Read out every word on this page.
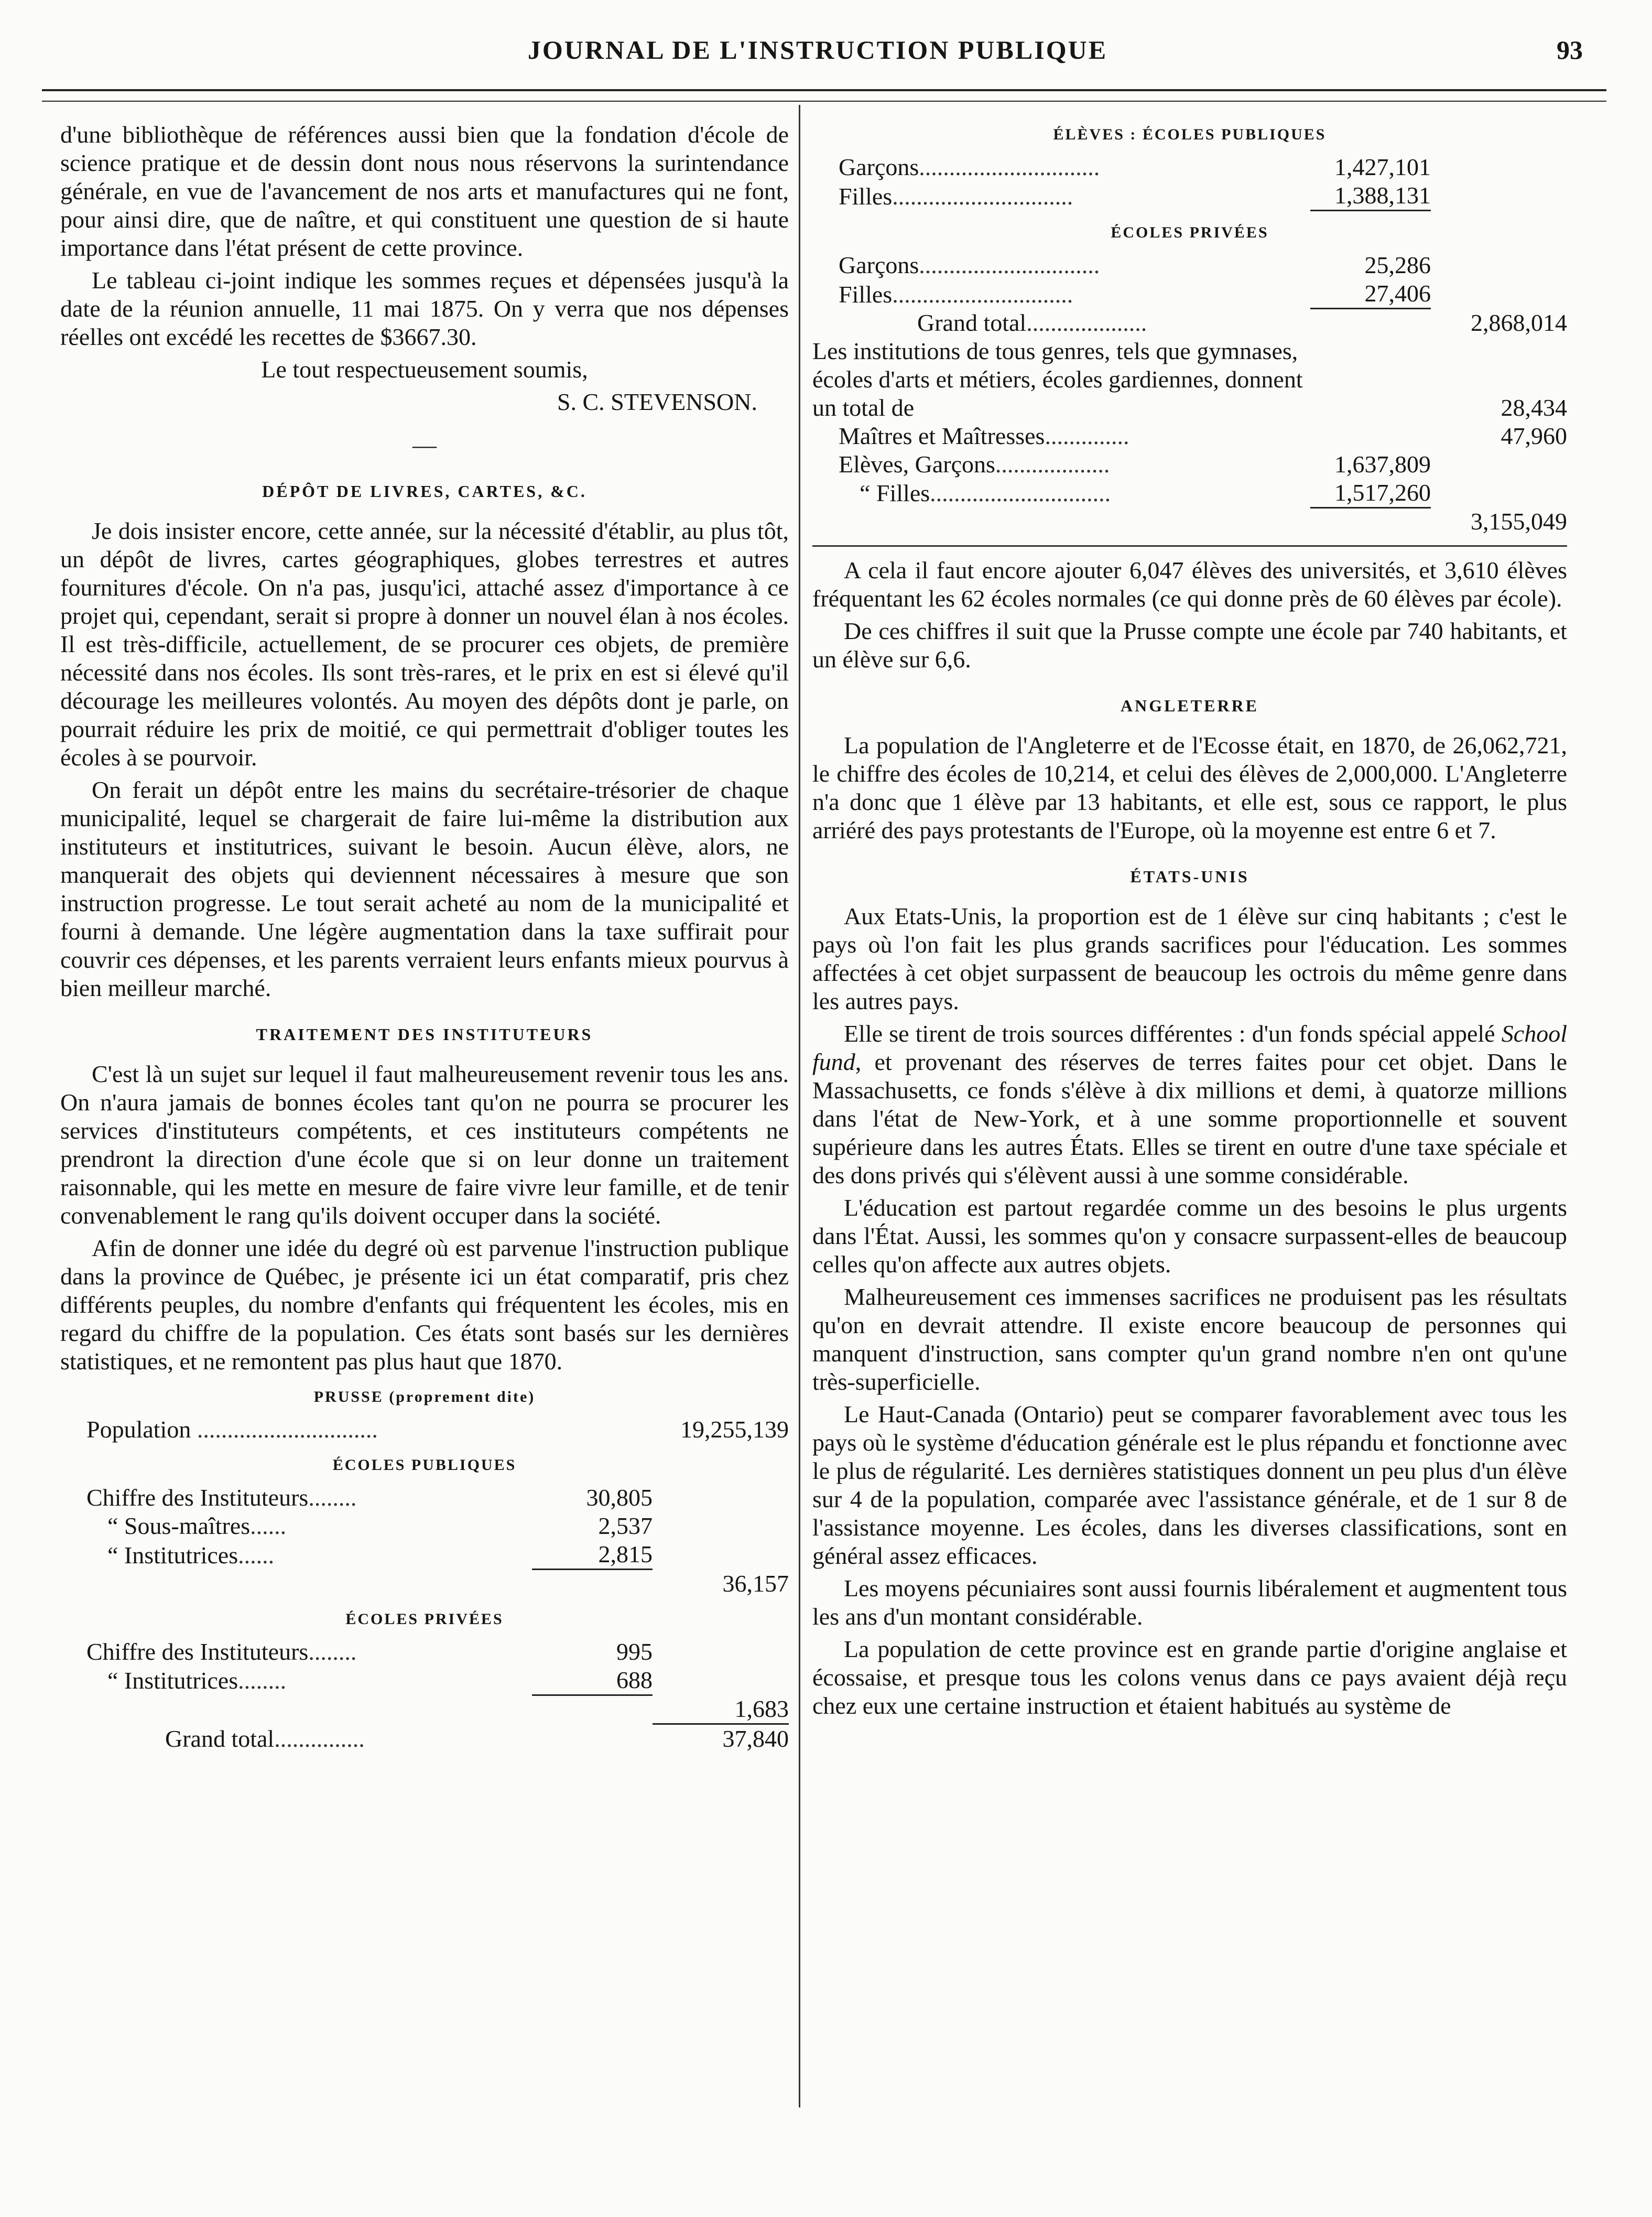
JOURNAL DE L'INSTRUCTION PUBLIQUE	93

d'une bibliothèque de références aussi bien que la fondation d'école de science pratique et de dessin dont nous nous réservons la surintendance générale, en vue de l'avancement de nos arts et manufactures qui ne font, pour ainsi dire, que de naître, et qui constituent une question de si haute importance dans l'état présent de cette province.

Le tableau ci-joint indique les sommes reçues et dépensées jusqu'à la date de la réunion annuelle, 11 mai 1875. On y verra que nos dépenses réelles ont excédé les recettes de $3667.30.

Le tout respectueusement soumis,

S. C. STEVENSON.

—
DÉPÔT DE LIVRES, CARTES, &C.

Je dois insister encore, cette année, sur la nécessité d'établir, au plus tôt, un dépôt de livres, cartes géographiques, globes terrestres et autres fournitures d'école. On n'a pas, jusqu'ici, attaché assez d'importance à ce projet qui, cependant, serait si propre à donner un nouvel élan à nos écoles. Il est très-difficile, actuellement, de se procurer ces objets, de première nécessité dans nos écoles. Ils sont très-rares, et le prix en est si élevé qu'il décourage les meilleures volontés. Au moyen des dépôts dont je parle, on pourrait réduire les prix de moitié, ce qui permettrait d'obliger toutes les écoles à se pourvoir.

On ferait un dépôt entre les mains du secrétaire-trésorier de chaque municipalité, lequel se chargerait de faire lui-même la distribution aux instituteurs et institutrices, suivant le besoin. Aucun élève, alors, ne manquerait des objets qui deviennent nécessaires à mesure que son instruction progresse. Le tout serait acheté au nom de la municipalité et fourni à demande. Une légère augmentation dans la taxe suffirait pour couvrir ces dépenses, et les parents verraient leurs enfants mieux pourvus à bien meilleur marché.

TRAITEMENT DES INSTITUTEURS

C'est là un sujet sur lequel il faut malheureusement revenir tous les ans. On n'aura jamais de bonnes écoles tant qu'on ne pourra se procurer les services d'instituteurs compétents, et ces instituteurs compétents ne prendront la direction d'une école que si on leur donne un traitement raisonnable, qui les mette en mesure de faire vivre leur famille, et de tenir convenablement le rang qu'ils doivent occuper dans la société.

Afin de donner une idée du degré où est parvenue l'instruction publique dans la province de Québec, je présente ici un état comparatif, pris chez différents peuples, du nombre d'enfants qui fréquentent les écoles, mis en regard du chiffre de la population. Ces états sont basés sur les dernières statistiques, et ne remontent pas plus haut que 1870.

PRUSSE (proprement dite)
Population ..............................	19,255,139
ÉCOLES PUBLIQUES
Chiffre des Instituteurs........	30,805	
“ Sous-maîtres......	2,537	
“ Institutrices......	2,815	
		36,157
ÉCOLES PRIVÉES
Chiffre des Instituteurs........	995	
“ Institutrices........	688	
		1,683
Grand total...............		37,840
ÉLÈVES : ÉCOLES PUBLIQUES
Garçons..............................	1,427,101	
Filles..............................	1,388,131	
ÉCOLES PRIVÉES
Garçons..............................	25,286	
Filles..............................	27,406	
Grand total....................		2,868,014
Les institutions de tous genres, tels que gymnases, écoles d'arts et métiers, écoles gardiennes, donnent un total de		28,434
Maîtres et Maîtresses..............		47,960
Elèves, Garçons...................	1,637,809	
“ Filles..............................	1,517,260	
		3,155,049

A cela il faut encore ajouter 6,047 élèves des universités, et 3,610 élèves fréquentant les 62 écoles normales (ce qui donne près de 60 élèves par école).

De ces chiffres il suit que la Prusse compte une école par 740 habitants, et un élève sur 6,6.

ANGLETERRE

La population de l'Angleterre et de l'Ecosse était, en 1870, de 26,062,721, le chiffre des écoles de 10,214, et celui des élèves de 2,000,000. L'Angleterre n'a donc que 1 élève par 13 habitants, et elle est, sous ce rapport, le plus arriéré des pays protestants de l'Europe, où la moyenne est entre 6 et 7.

ÉTATS-UNIS

Aux Etats-Unis, la proportion est de 1 élève sur cinq habitants ; c'est le pays où l'on fait les plus grands sacrifices pour l'éducation. Les sommes affectées à cet objet surpassent de beaucoup les octrois du même genre dans les autres pays.

Elle se tirent de trois sources différentes : d'un fonds spécial appelé School fund, et provenant des réserves de terres faites pour cet objet. Dans le Massachusetts, ce fonds s'élève à dix millions et demi, à quatorze millions dans l'état de New-York, et à une somme proportionnelle et souvent supérieure dans les autres États. Elles se tirent en outre d'une taxe spéciale et des dons privés qui s'élèvent aussi à une somme considérable.

L'éducation est partout regardée comme un des besoins le plus urgents dans l'État. Aussi, les sommes qu'on y consacre surpassent-elles de beaucoup celles qu'on affecte aux autres objets.

Malheureusement ces immenses sacrifices ne produisent pas les résultats qu'on en devrait attendre. Il existe encore beaucoup de personnes qui manquent d'instruction, sans compter qu'un grand nombre n'en ont qu'une très-superficielle.

Le Haut-Canada (Ontario) peut se comparer favorablement avec tous les pays où le système d'éducation générale est le plus répandu et fonctionne avec le plus de régularité. Les dernières statistiques donnent un peu plus d'un élève sur 4 de la population, comparée avec l'assistance générale, et de 1 sur 8 de l'assistance moyenne. Les écoles, dans les diverses classifications, sont en général assez efficaces.

Les moyens pécuniaires sont aussi fournis libéralement et augmentent tous les ans d'un montant considérable.

La population de cette province est en grande partie d'origine anglaise et écossaise, et presque tous les colons venus dans ce pays avaient déjà reçu chez eux une certaine instruction et étaient habitués au système de
